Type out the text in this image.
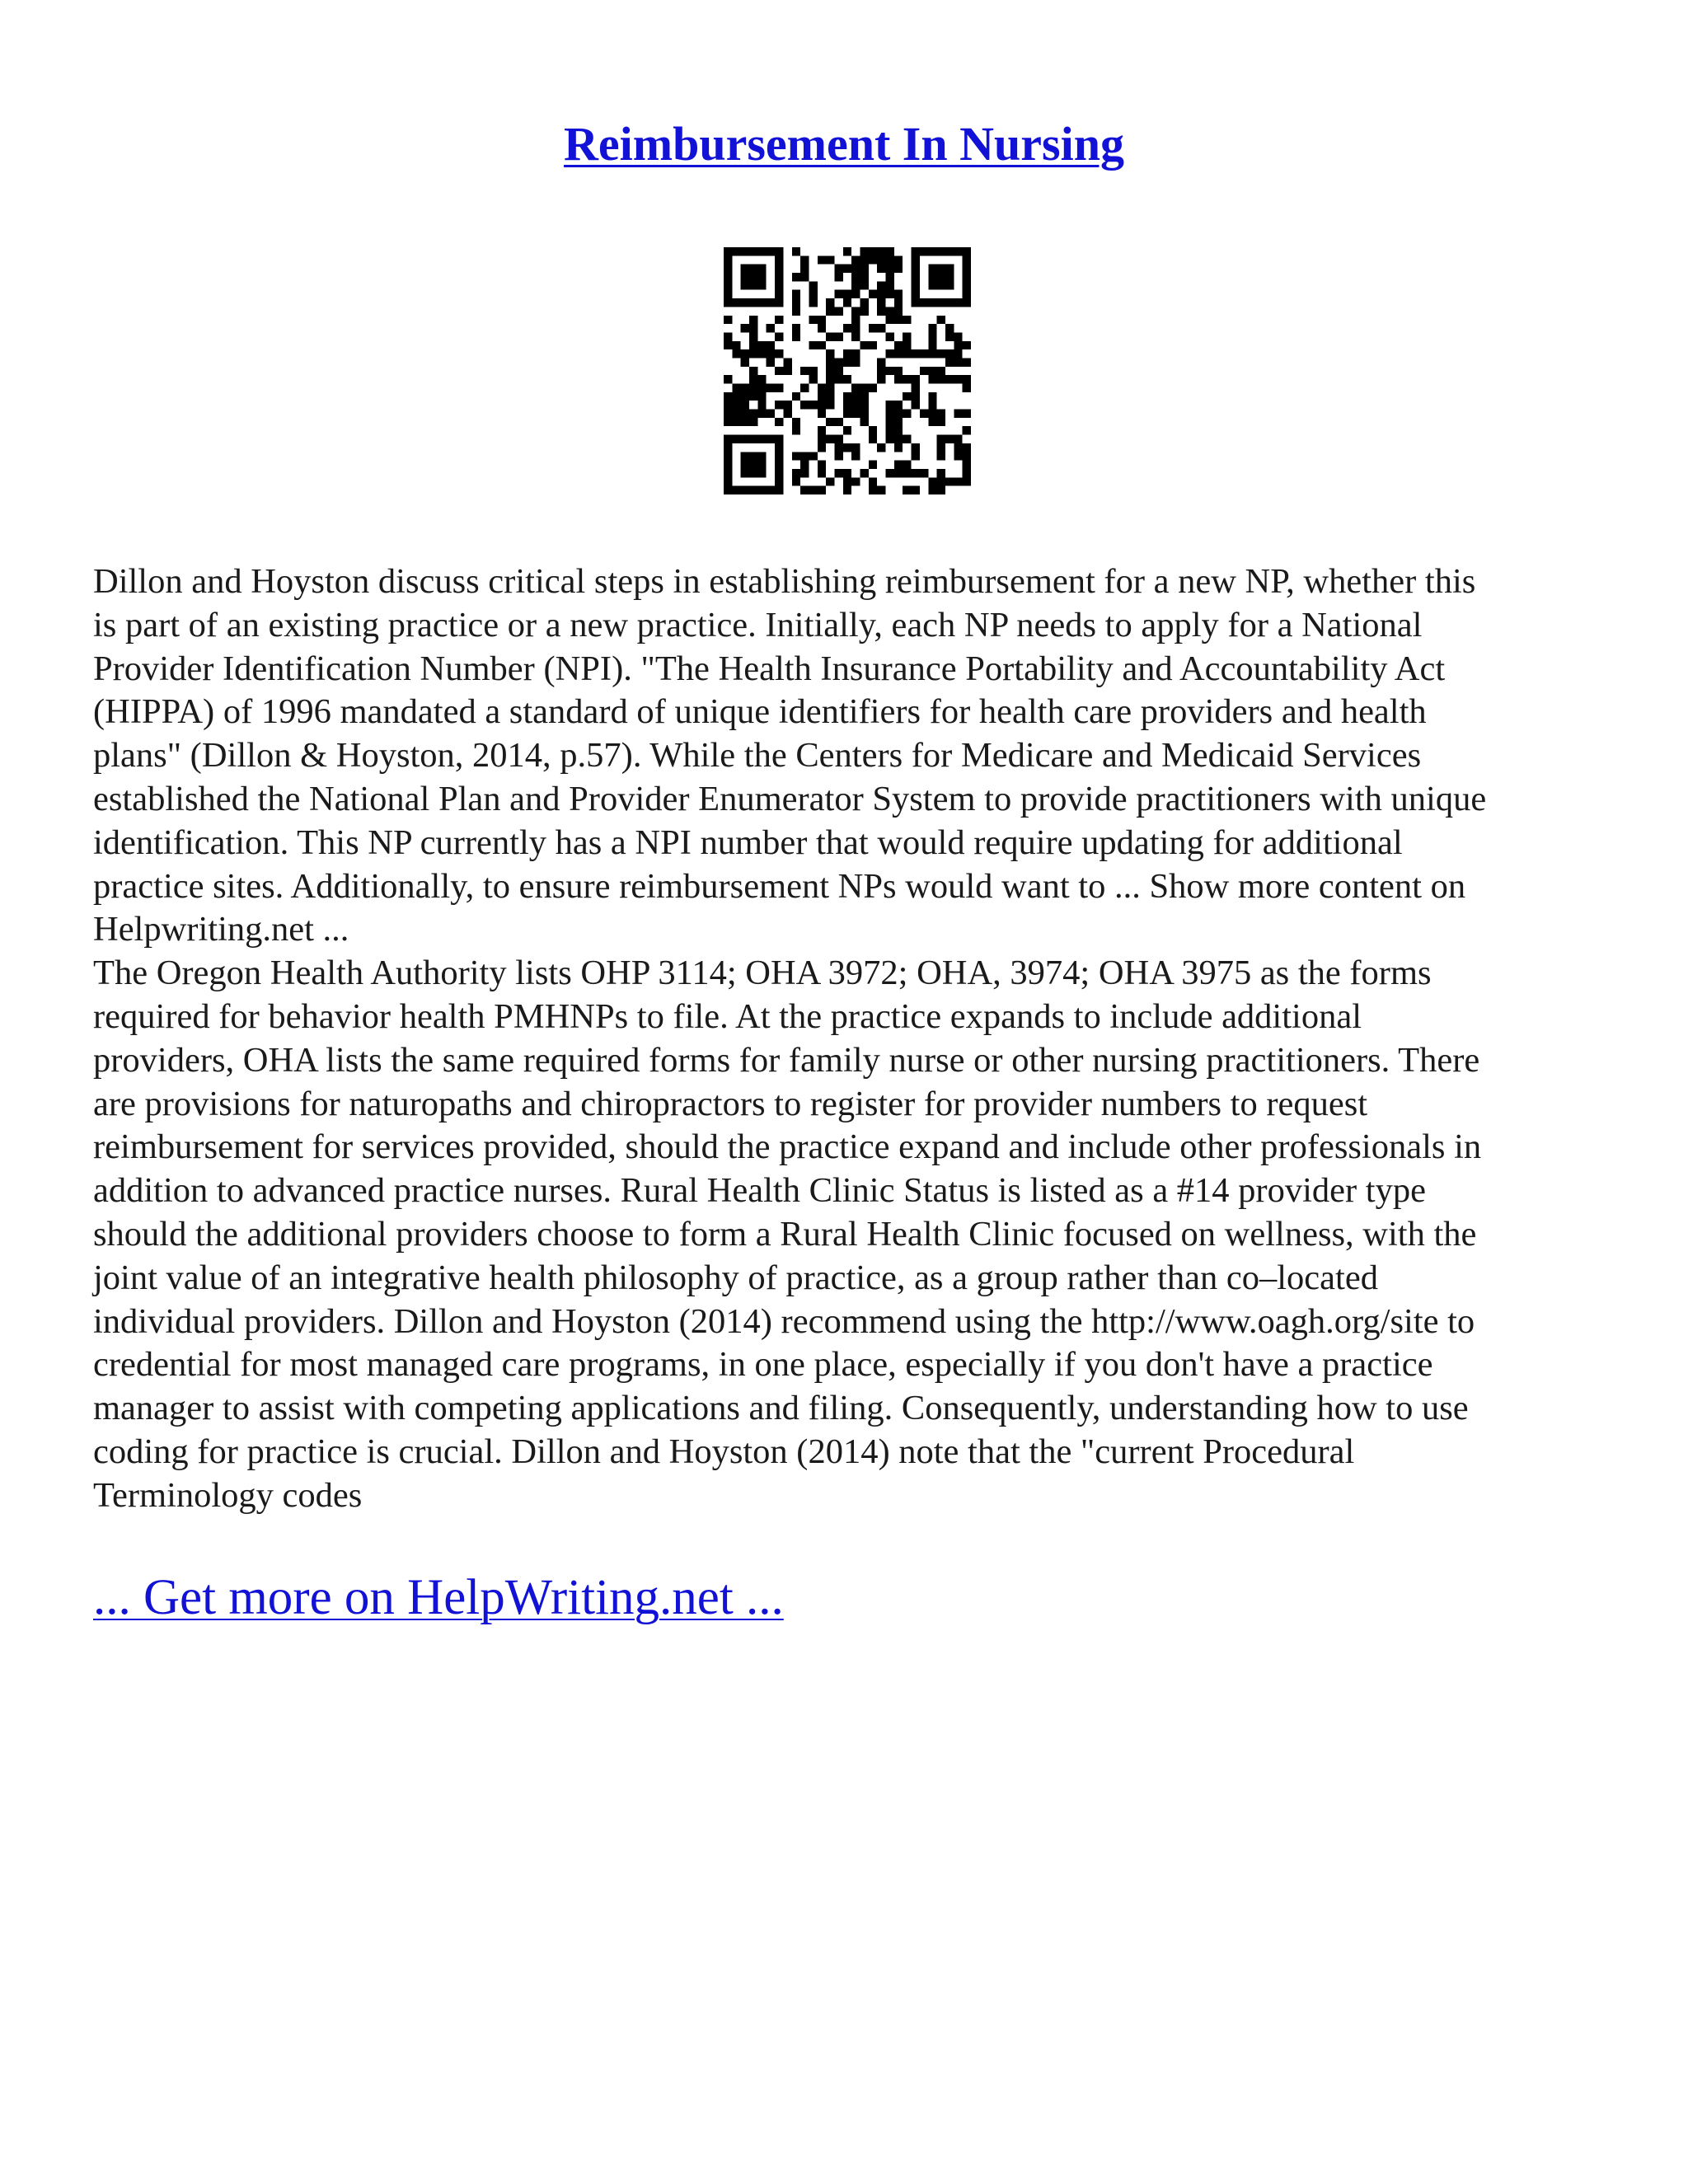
Reimbursement In Nursing

Dillon and Hoyston discuss critical steps in establishing reimbursement for a new NP, whether this
is part of an existing practice or a new practice. Initially, each NP needs to apply for a National
Provider Identification Number (NPI). "The Health Insurance Portability and Accountability Act
(HIPPA) of 1996 mandated a standard of unique identifiers for health care providers and health
plans" (Dillon & Hoyston, 2014, p.57). While the Centers for Medicare and Medicaid Services
established the National Plan and Provider Enumerator System to provide practitioners with unique
identification. This NP currently has a NPI number that would require updating for additional
practice sites. Additionally, to ensure reimbursement NPs would want to ... Show more content on
Helpwriting.net ...

The Oregon Health Authority lists OHP 3114; OHA 3972; OHA, 3974; OHA 3975 as the forms
required for behavior health PMHNPs to file. At the practice expands to include additional
providers, OHA lists the same required forms for family nurse or other nursing practitioners. There
are provisions for naturopaths and chiropractors to register for provider numbers to request
reimbursement for services provided, should the practice expand and include other professionals in
addition to advanced practice nurses. Rural Health Clinic Status is listed as a #14 provider type
should the additional providers choose to form a Rural Health Clinic focused on wellness, with the
joint value of an integrative health philosophy of practice, as a group rather than co–located
individual providers. Dillon and Hoyston (2014) recommend using the http://www.oagh.org/site to
credential for most managed care programs, in one place, especially if you don't have a practice
manager to assist with competing applications and filing. Consequently, understanding how to use
coding for practice is crucial. Dillon and Hoyston (2014) note that the "current Procedural
Terminology codes

... Get more on HelpWriting.net ...
